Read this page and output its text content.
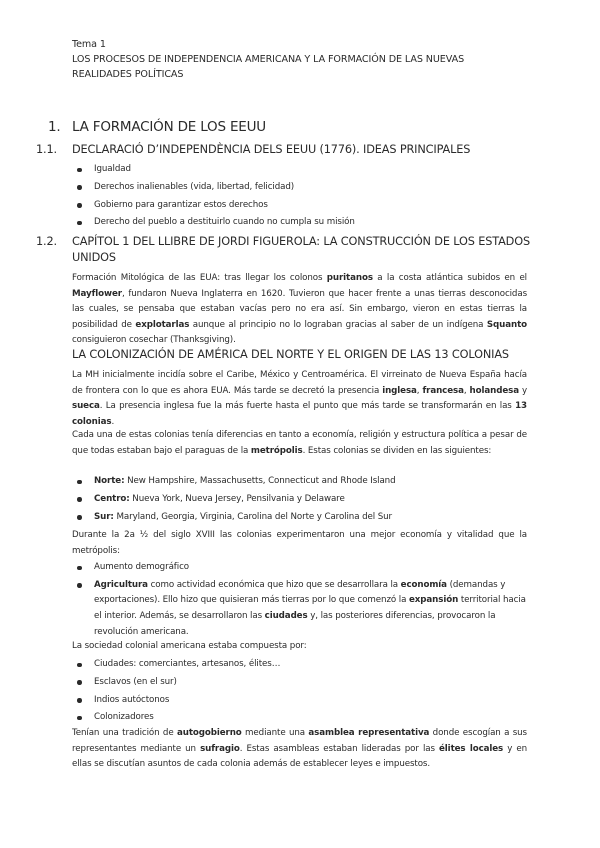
Tema 1
LOS PROCESOS DE INDEPENDENCIA AMERICANA Y LA FORMACIÓN DE LAS NUEVAS
REALIDADES POLÍTICAS
1. LA FORMACIÓN DE LOS EEUU
1.1. DECLARACIÓ D’INDEPENDÈNCIA DELS EEUU (1776). IDEAS PRINCIPALES
Igualdad
Derechos inalienables (vida, libertad, felicidad)
Gobierno para garantizar estos derechos
Derecho del pueblo a destituirlo cuando no cumpla su misión
1.2. CAPÍTOL 1 DEL LLIBRE DE JORDI FIGUEROLA: LA CONSTRUCCIÓN DE LOS ESTADOS
UNIDOS
Formación Mitológica de las EUA: tras llegar los colonos puritanos a la costa atlántica subidos en el Mayflower, fundaron Nueva Inglaterra en 1620. Tuvieron que hacer frente a unas tierras desconocidas las cuales, se pensaba que estaban vacías pero no era así. Sin embargo, vieron en estas tierras la posibilidad de explotarlas aunque al principio no lo lograban gracias al saber de un indígena Squanto consiguieron cosechar (Thanksgiving).
LA COLONIZACIÓN DE AMÉRICA DEL NORTE Y EL ORIGEN DE LAS 13 COLONIAS
La MH inicialmente incidía sobre el Caribe, México y Centroamérica. El virreinato de Nueva España hacía de frontera con lo que es ahora EUA. Más tarde se decretó la presencia inglesa, francesa, holandesa y sueca. La presencia inglesa fue la más fuerte hasta el punto que más tarde se transformarán en las 13 colonias.
Cada una de estas colonias tenía diferencias en tanto a economía, religión y estructura política a pesar de que todas estaban bajo el paraguas de la metrópolis. Estas colonias se dividen en las siguientes:
Norte: New Hampshire, Massachusetts, Connecticut and Rhode Island
Centro: Nueva York, Nueva Jersey, Pensilvania y Delaware
Sur: Maryland, Georgia, Virginia, Carolina del Norte y Carolina del Sur
Durante la 2a ½ del siglo XVIII las colonias experimentaron una mejor economía y vitalidad que la metrópolis:
Aumento demográfico
Agricultura como actividad económica que hizo que se desarrollara la economía (demandas y exportaciones). Ello hizo que quisieran más tierras por lo que comenzó la expansión territorial hacia el interior. Además, se desarrollaron las ciudades y, las posteriores diferencias, provocaron la revolución americana.
La sociedad colonial americana estaba compuesta por:
Ciudades: comerciantes, artesanos, élites…
Esclavos (en el sur)
Indios autóctonos
Colonizadores
Tenían una tradición de autogobierno mediante una asamblea representativa donde escogían a sus representantes mediante un sufragio. Estas asambleas estaban lideradas por las élites locales y en ellas se discutían asuntos de cada colonia además de establecer leyes e impuestos.
